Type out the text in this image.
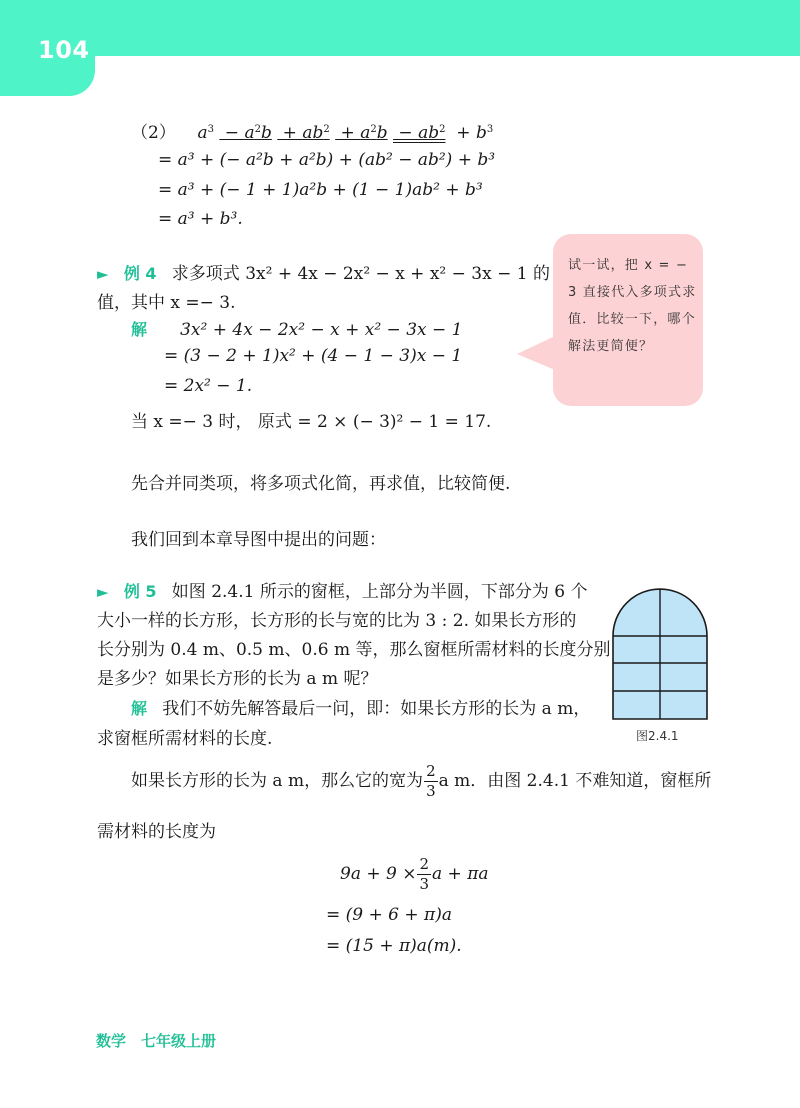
104
（2） $a^3 - a^2b + ab^2 + a^2b - ab^2 + b^3$
= a³ + (− a²b + a²b) + (ab² − ab²) + b³
= a³ + (− 1 + 1)a²b + (1 − 1)ab² + b³
= a³ + b³.
► 例 4 求多项式 3x² + 4x − 2x² − x + x² − 3x − 1 的
值，其中 x =− 3.
解 3x² + 4x − 2x² − x + x² − 3x − 1
= (3 − 2 + 1)x² + (4 − 1 − 3)x − 1
= 2x² − 1.
当 x =− 3 时， 原式 = 2 × (− 3)² − 1 = 17.
试一试，把 x = − 3 直接代入多项式求值．比较一下，哪个解法更简便？
先合并同类项，将多项式化简，再求值，比较简便.
我们回到本章导图中提出的问题：
► 例 5 如图 2.4.1 所示的窗框，上部分为半圆，下部分为 6 个
大小一样的长方形，长方形的长与宽的比为 3 : 2. 如果长方形的
长分别为 0.4 m、0.5 m、0.6 m 等，那么窗框所需材料的长度分别
是多少？如果长方形的长为 a m 呢？
解 我们不妨先解答最后一问，即：如果长方形的长为 a m，
求窗框所需材料的长度.	图2.4.1
如果长方形的长为 a m，那么它的宽为 $\frac{2}{3}$ a m．由图 2.4.1 不难知道，窗框所
需材料的长度为
$9a + 9 \times \frac{2}{3}$ a + πa
= (9 + 6 + π)a
= (15 + π)a(m).
数学　七年级上册
